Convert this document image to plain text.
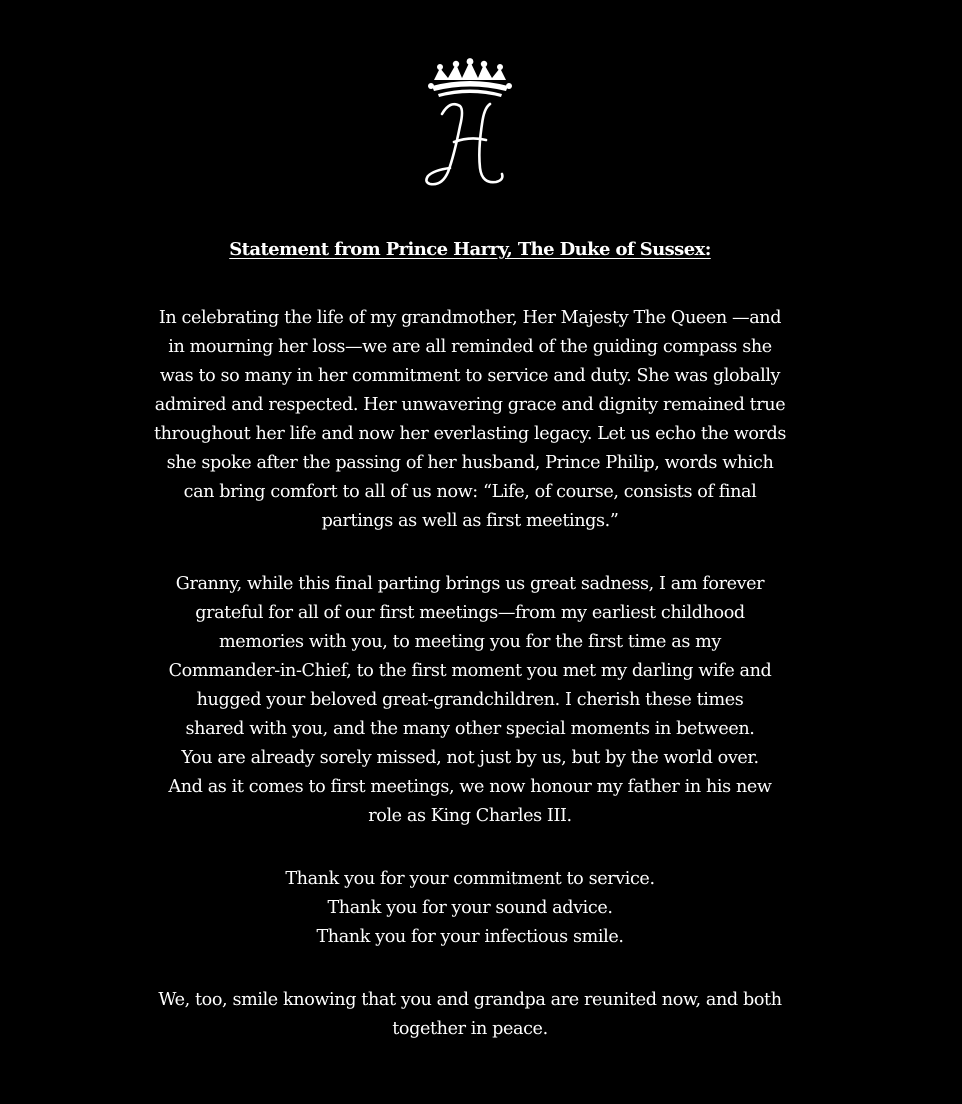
Statement from Prince Harry, The Duke of Sussex:

In celebrating the life of my grandmother, Her Majesty The Queen —and in mourning her loss—we are all reminded of the guiding compass she was to so many in her commitment to service and duty. She was globally admired and respected. Her unwavering grace and dignity remained true throughout her life and now her everlasting legacy. Let us echo the words she spoke after the passing of her husband, Prince Philip, words which can bring comfort to all of us now: “Life, of course, consists of final partings as well as first meetings.”

Granny, while this final parting brings us great sadness, I am forever grateful for all of our first meetings—from my earliest childhood memories with you, to meeting you for the first time as my Commander-in-Chief, to the first moment you met my darling wife and hugged your beloved great-grandchildren. I cherish these times shared with you, and the many other special moments in between. You are already sorely missed, not just by us, but by the world over. And as it comes to first meetings, we now honour my father in his new role as King Charles III.

Thank you for your commitment to service.
Thank you for your sound advice.
Thank you for your infectious smile.

We, too, smile knowing that you and grandpa are reunited now, and both together in peace.
